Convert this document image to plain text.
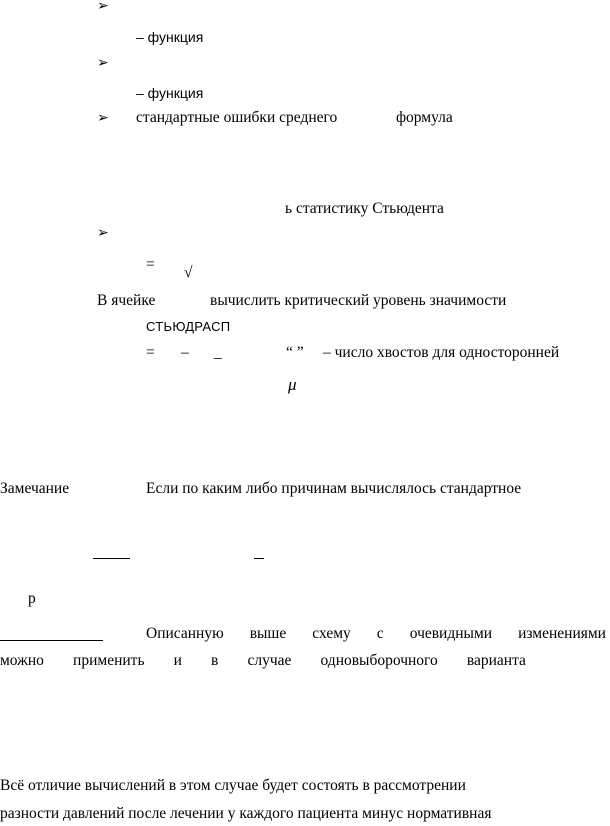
➢
– функция
➢
– функция
➢ стандартные ошибки среднего	формула
ь статистику Стьюдента
➢
= √
В ячейке	вычислить критический уровень значимости
СТЬЮДРАСП
= – _	“ ” – число хвостов для односторонней
μ
Замечание	Если по каким либо причинам вычислялось стандартное
р
Описанную выше схему с очевидными изменениями
можно применить и в случае одновыборочного варианта
Всё отличие вычислений в этом случае будет состоять в рассмотрении
разности давлений после лечении у каждого пациента минус нормативная
